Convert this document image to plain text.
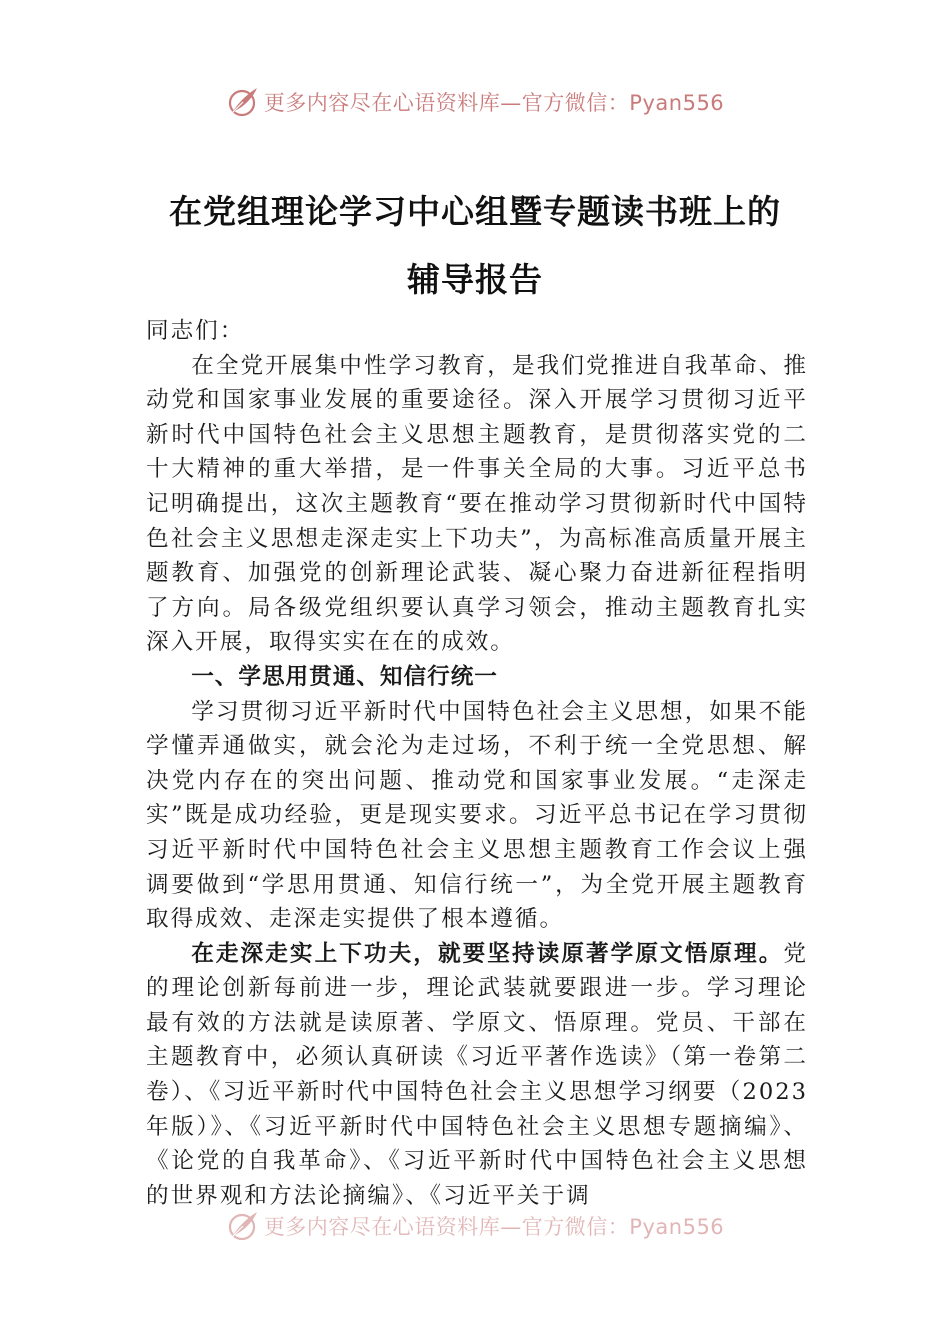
更多内容尽在心语资料库—官方微信：Pyan556
在党组理论学习中心组暨专题读书班上的
辅导报告

同志们：

在全党开展集中性学习教育，是我们党推进自我革命、推动党和国家事业发展的重要途径。深入开展学习贯彻习近平新时代中国特色社会主义思想主题教育，是贯彻落实党的二十大精神的重大举措，是一件事关全局的大事。习近平总书记明确提出，这次主题教育“要在推动学习贯彻新时代中国特色社会主义思想走深走实上下功夫”，为高标准高质量开展主题教育、加强党的创新理论武装、凝心聚力奋进新征程指明了方向。局各级党组织要认真学习领会，推动主题教育扎实深入开展，取得实实在在的成效。

一、学思用贯通、知信行统一

学习贯彻习近平新时代中国特色社会主义思想，如果不能学懂弄通做实，就会沦为走过场，不利于统一全党思想、解决党内存在的突出问题、推动党和国家事业发展。“走深走实”既是成功经验，更是现实要求。习近平总书记在学习贯彻习近平新时代中国特色社会主义思想主题教育工作会议上强调要做到“学思用贯通、知信行统一”，为全党开展主题教育取得成效、走深走实提供了根本遵循。

在走深走实上下功夫，就要坚持读原著学原文悟原理。党的理论创新每前进一步，理论武装就要跟进一步。学习理论最有效的方法就是读原著、学原文、悟原理。党员、干部在主题教育中，必须认真研读《习近平著作选读》（第一卷第二卷）、《习近平新时代中国特色社会主义思想学习纲要（2023年版）》、《习近平新时代中国特色社会主义思想专题摘编》、《论党的自我革命》、《习近平新时代中国特色社会主义思想的世界观和方法论摘编》、《习近平关于调

更多内容尽在心语资料库—官方微信：Pyan556
